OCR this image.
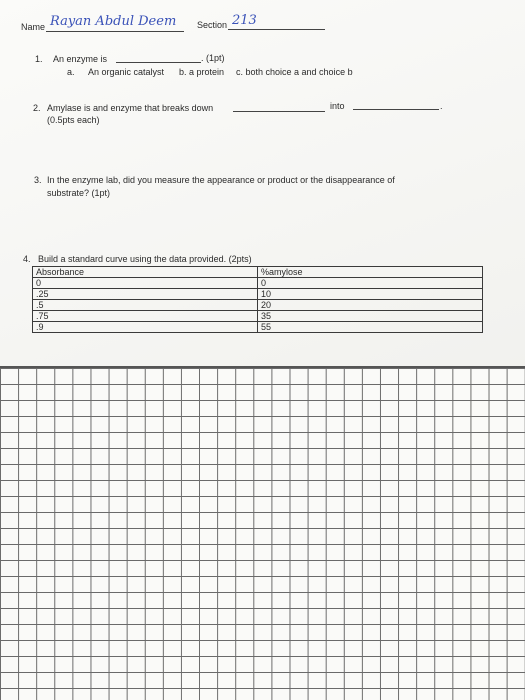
Name Rayan Abdul Deem Section 213
1. An enzyme is	. (1pt)
a. An organic catalyst b. a protein c. both choice a and choice b
2. Amylase is and enzyme that breaks down	into	.
(0.5pts each)
3. In the enzyme lab, did you measure the appearance or product or the disappearance of
substrate? (1pt)
4. Build a standard curve using the data provided. (2pts)
Absorbance	%amylose
0	0
.25	10
.5	20
.75	35
.9	55
